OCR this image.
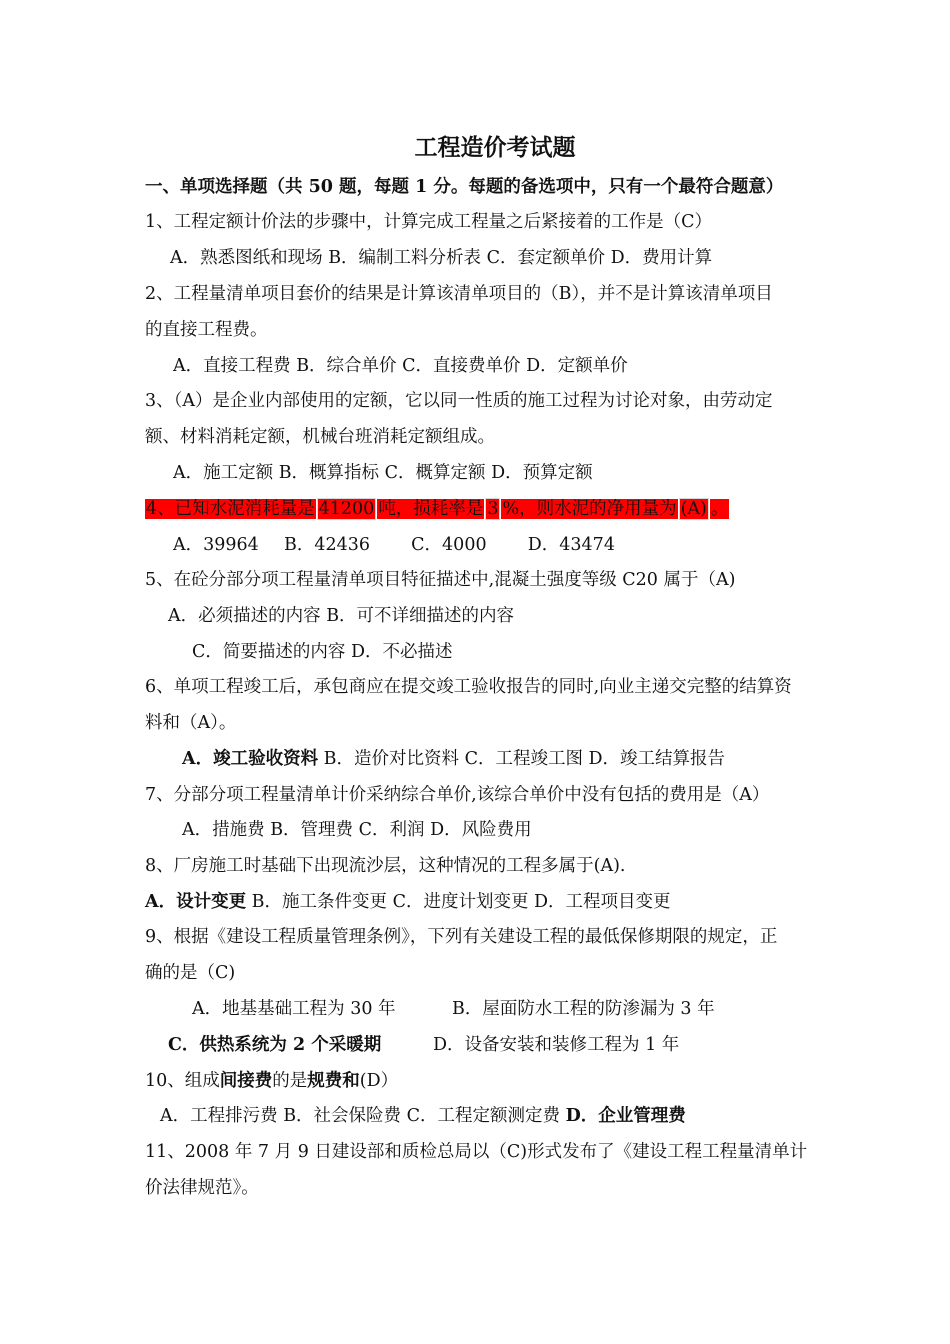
工程造价考试题
一、单项选择题（共 50 题，每题 1 分。每题的备选项中，只有一个最符合题意）
1、工程定额计价法的步骤中，计算完成工程量之后紧接着的工作是（C）
A．熟悉图纸和现场 B．编制工料分析表 C．套定额单价 D．费用计算
2、工程量清单项目套价的结果是计算该清单项目的（B），并不是计算该清单项目
的直接工程费。
A．直接工程费 B．综合单价 C．直接费单价 D．定额单价
3、（A）是企业内部使用的定额，它以同一性质的施工过程为讨论对象，由劳动定
额、材料消耗定额，机械台班消耗定额组成。
A．施工定额 B．概算指标 C．概算定额 D．预算定额
4、已知水泥消耗量是 41200 吨，损耗率是 3 %，则水泥的净用量为 (A) 。
A．39964 B．42436 C．4000 D．43474
5、在砼分部分项工程量清单项目特征描述中,混凝土强度等级 C20 属于（A)
A．必须描述的内容 B．可不详细描述的内容
C．简要描述的内容 D．不必描述
6、单项工程竣工后，承包商应在提交竣工验收报告的同时,向业主递交完整的结算资
料和（A）。
A．竣工验收资料 B．造价对比资料 C．工程竣工图 D．竣工结算报告
7、分部分项工程量清单计价采纳综合单价,该综合单价中没有包括的费用是（A）
A．措施费 B．管理费 C．利润 D．风险费用
8、厂房施工时基础下出现流沙层，这种情况的工程多属于(A).
A．设计变更 B．施工条件变更 C．进度计划变更 D．工程项目变更
9、根据《建设工程质量管理条例》，下列有关建设工程的最低保修期限的规定，正
确的是（C)
A．地基基础工程为 30 年	B．屋面防水工程的防渗漏为 3 年
C．供热系统为 2 个采暖期	D．设备安装和装修工程为 1 年
10、组成间接费的是规费和(D）
A．工程排污费 B．社会保险费 C．工程定额测定费 D．企业管理费
11、2008 年 7 月 9 日建设部和质检总局以（C)形式发布了《建设工程工程量清单计
价法律规范》。
